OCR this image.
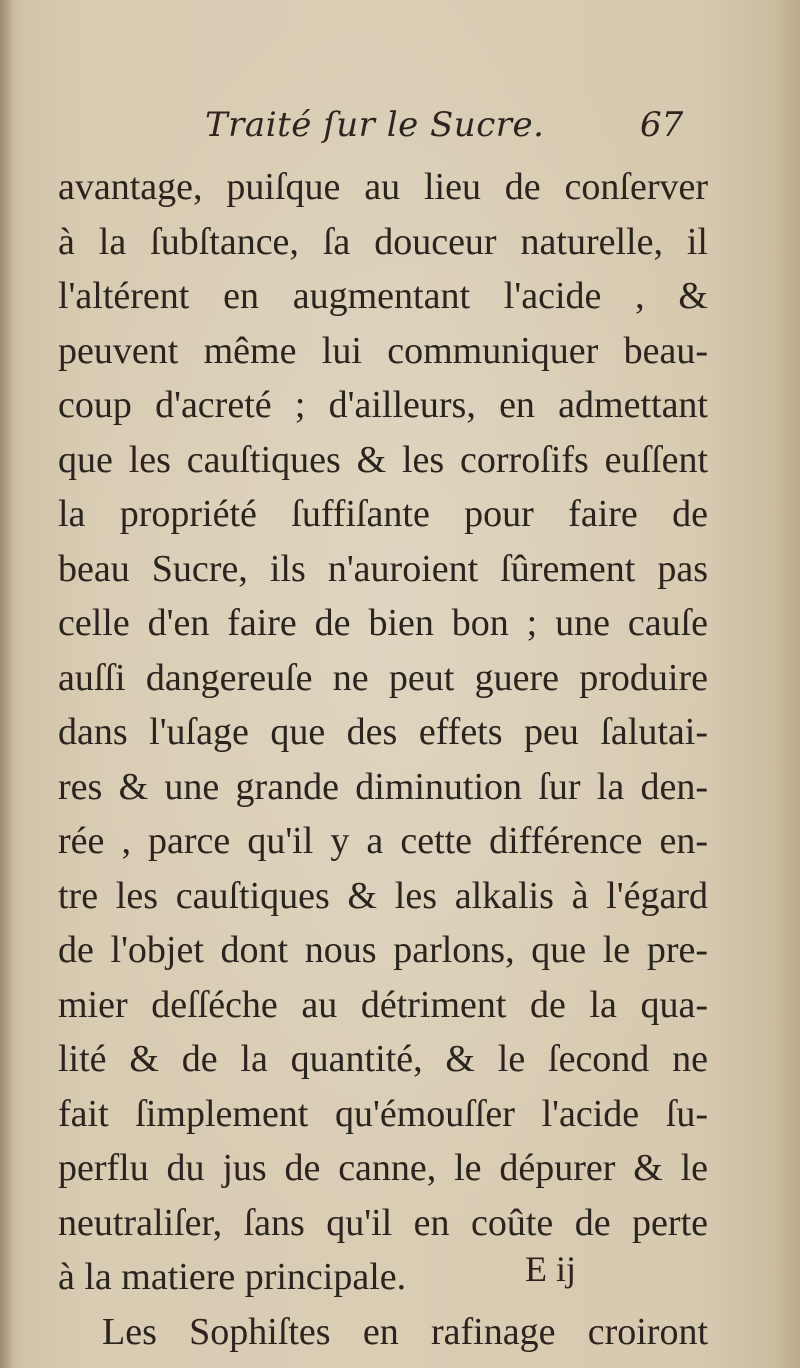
Traité ſur le Sucre.	67
avantage, puiſque au lieu de conſerver
à la ſubſtance, ſa douceur naturelle, il
l'altérent en augmentant l'acide , &
peuvent même lui communiquer beau-
coup d'acreté ; d'ailleurs, en admettant
que les cauſtiques & les corroſifs euſſent
la propriété ſuffiſante pour faire de
beau Sucre, ils n'auroient ſûrement pas
celle d'en faire de bien bon ; une cauſe
auſſi dangereuſe ne peut guere produire
dans l'uſage que des effets peu ſalutai-
res & une grande diminution ſur la den-
rée , parce qu'il y a cette différence en-
tre les cauſtiques & les alkalis à l'égard
de l'objet dont nous parlons, que le pre-
mier deſſéche au détriment de la qua-
lité & de la quantité, & le ſecond ne
fait ſimplement qu'émouſſer l'acide ſu-
perflu du jus de canne, le dépurer & le
neutraliſer, ſans qu'il en coûte de perte
à la matiere principale.
Les Sophiſtes en rafinage croiront
E ij
